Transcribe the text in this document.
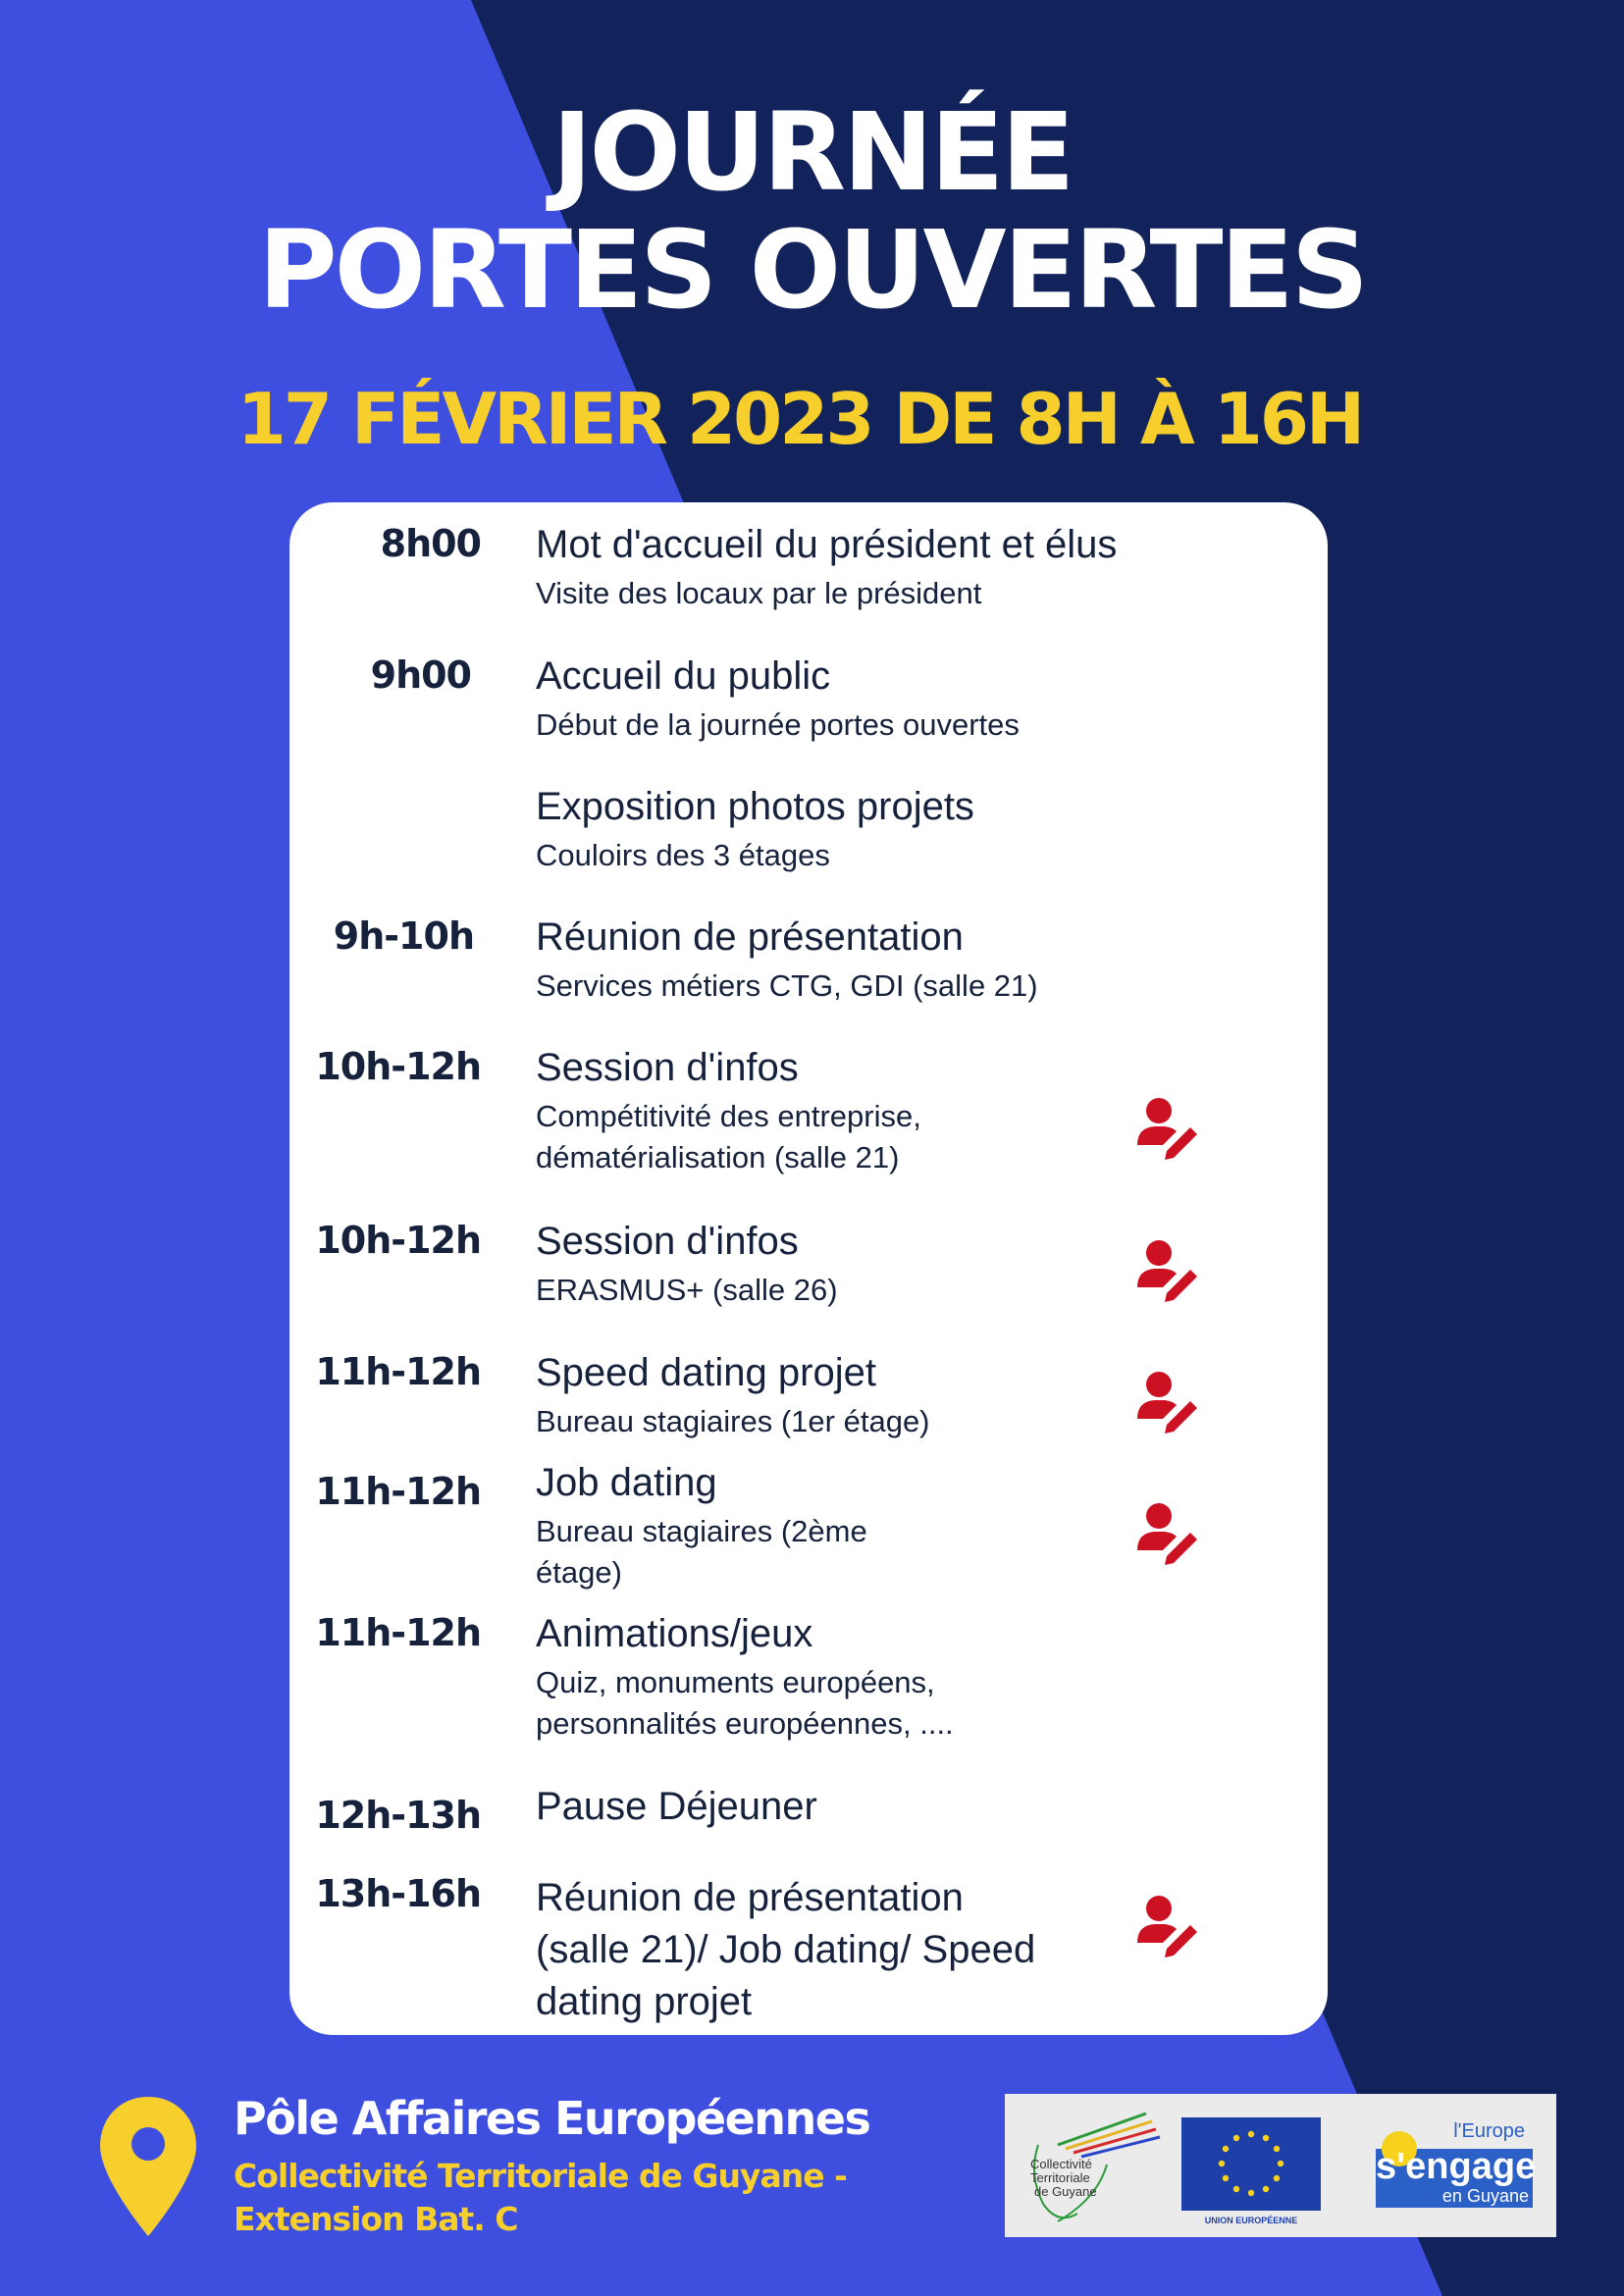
JOURNÉE
PORTES OUVERTES
17 FÉVRIER 2023 DE 8H À 16H
8h00 Mot d'accueil du président et élus
Visite des locaux par le président
9h00 Accueil du public
Début de la journée portes ouvertes
Exposition photos projets
Couloirs des 3 étages
9h-10h Réunion de présentation
Services métiers CTG, GDI (salle 21)
10h-12h Session d'infos
Compétitivité des entreprise,
dématérialisation (salle 21)
10h-12h Session d'infos
ERASMUS+ (salle 26)
11h-12h Speed dating projet
Bureau stagiaires (1er étage)
11h-12h Job dating
Bureau stagiaires (2ème
étage)
11h-12h Animations/jeux
Quiz, monuments européens,
personnalités européennes, ....
12h-13h Pause Déjeuner
13h-16h Réunion de présentation
(salle 21)/ Job dating/ Speed
dating projet
Pôle Affaires Européennes
Collectivité Territoriale de Guyane -
Extension Bat. C
Collectivité
Territoriale
de Guyane
UNION EUROPÉENNE
l'Europe
s'engage
en Guyane
